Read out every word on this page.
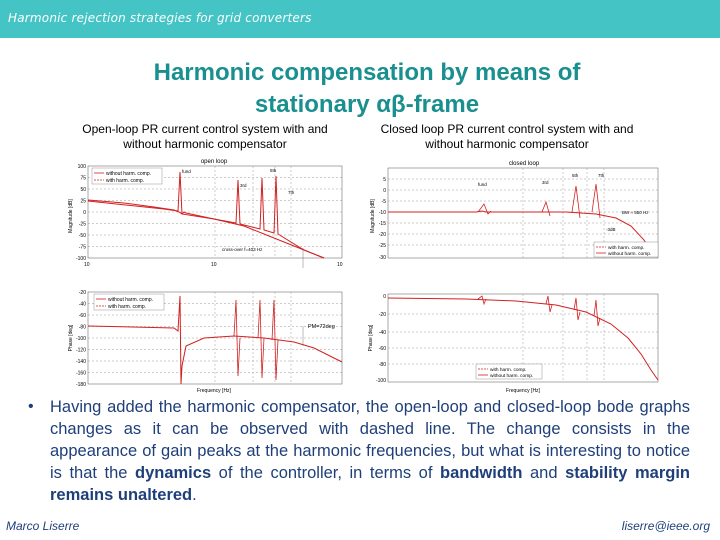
Harmonic rejection strategies for grid converters
Harmonic compensation by means of
stationary αβ-frame
Open-loop PR current control system with and
without harmonic compensator
Closed loop PR current control system with and
without harmonic compensator
open loop
Magnitude [dB]
100
75
50
25
0
-25
-50
-75
-100
10	10	10
fund	5th
3rd
7th
cross-over f=403 Hz
without harm. comp.
with harm. comp.
Phase [deg]
-20
-40
-60
-80
-100
-120
-140
-160
-180
PM=72deg
Frequency [Hz]
without harm. comp.
with harm. comp.
closed loop
Magnitude [dB]
5
0
-5
-10
-15
-20
-25
-30
fund	3rd
5th	7th
BW ≈ 550 Hz
-3dB
with harm. comp.
without harm. comp.
Phase [deg]
0
-20
-40
-60
-80
-100
Frequency [Hz]
with harm. comp.
without harm. comp.
• Having added the harmonic compensator, the open-loop and closed-loop bode graphs changes as it can be observed with dashed line. The change consists in the appearance of gain peaks at the harmonic frequencies, but what is interesting to notice is that the dynamics of the controller, in terms of bandwidth and stability margin remains unaltered.
Marco Liserre	liserre@ieee.org
